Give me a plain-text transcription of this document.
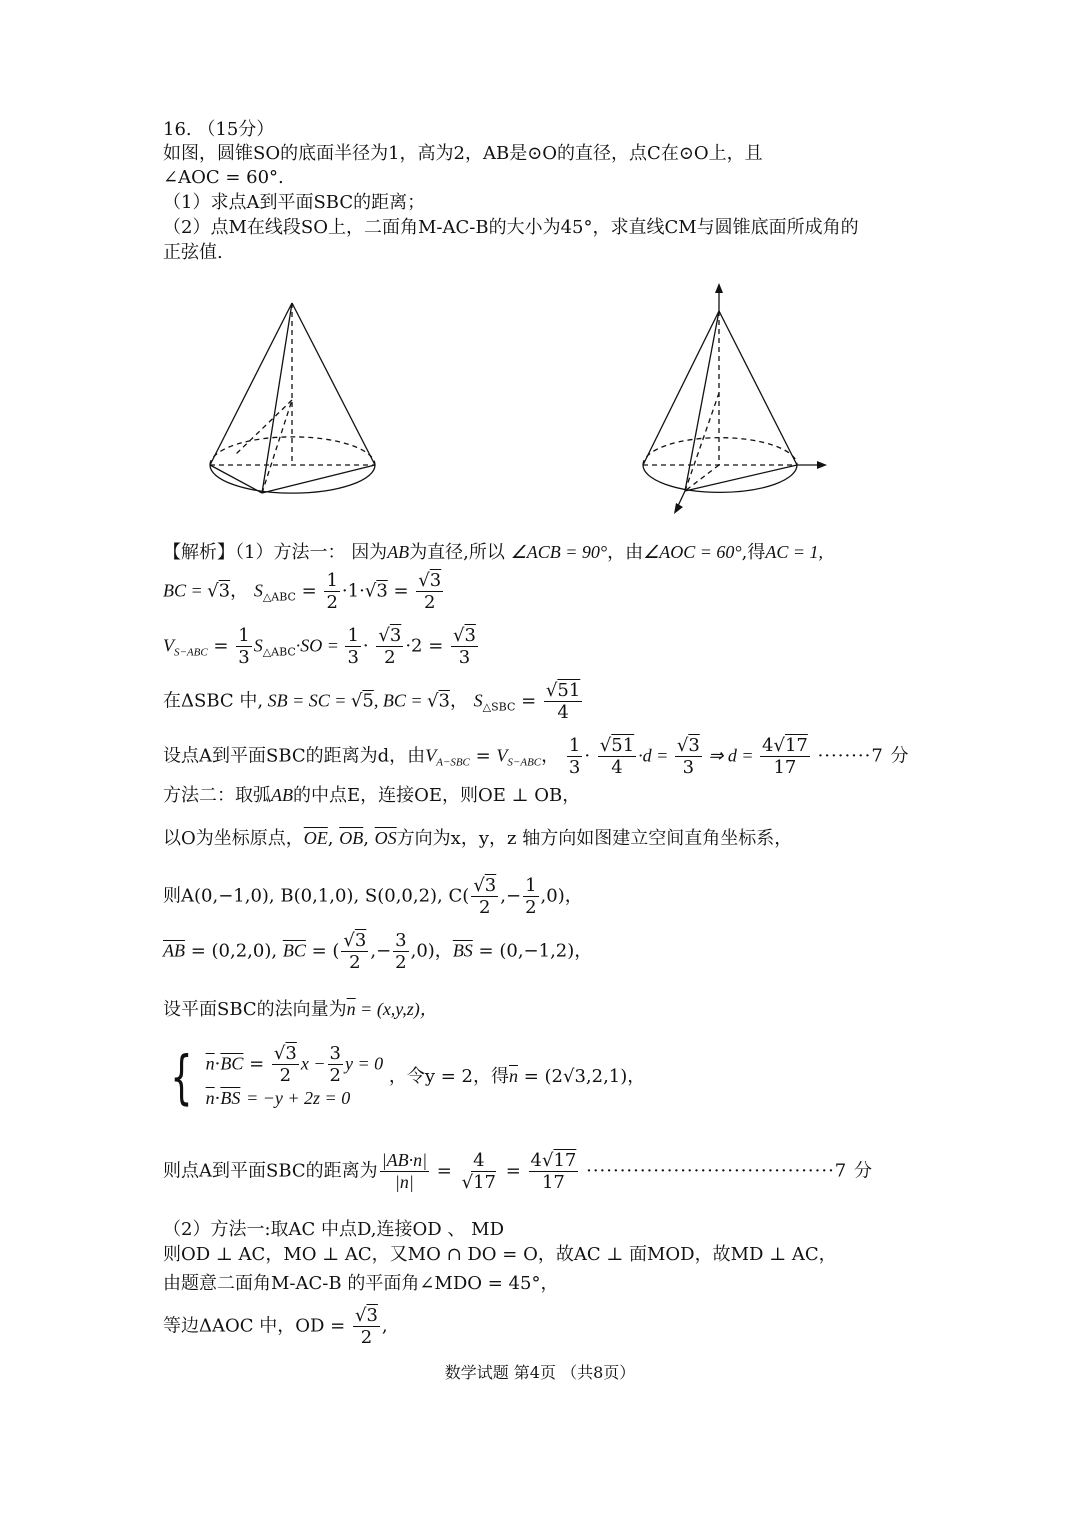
16. （15分）
如图，圆锥SO的底面半径为1，高为2，AB是⊙O的直径，点C在⊙O上，且
∠AOC = 60°.
（1）求点A到平面SBC的距离；
（2）点M在线段SO上，二面角M-AC-B的大小为45°，求直线CM与圆锥底面所成角的
正弦值.
【解析】（1）方法一： 因为AB为直径,所以 ∠ACB = 90°，由∠AOC = 60°,得AC = 1,
BC = √3， $S_{\triangle ABC} = \frac{1}{2} \cdot 1\cdot√3 = \frac{√3}{2}$
$V_{S-ABC} = \frac{1}{3} S_{\triangle ABC}\cdot SO = \frac{1}{3} \cdot \frac{√3}{2} \cdot 2 = \frac{√3}{3}$
在ΔSBC 中, SB = SC = √5, BC = √3， $S_{\triangle SBC} = \frac{√51}{4}$
设点A到平面SBC的距离为d，由$V_{A-SBC} = V_{S-ABC}$， $\frac{1}{3} \cdot \frac{√51}{4} \cdot d = \frac{√3}{3}$ ⇒ $d = \frac{4√17}{17} \cdot\cdot\cdot\cdot\cdot\cdot\cdot\cdot 7$ 分
方法二：取弧AB的中点E，连接OE，则OE ⊥ OB，
以O为坐标原点，$\overline{OE}$, $\overline{OB}$, $\overline{OS}$方向为x，y，z 轴方向如图建立空间直角坐标系，
则A(0,−1,0), B(0,1,0), S(0,0,2), $C( \frac{√3}{2}$ ,− $\frac{1}{2} ,0$)，
$\overline{AB} = (0,2,0)$, $\overline{BC}$ = ( $\frac{√3}{2}$ ,− $\frac{3}{2} ,0$)，$\overline{BS} = (0,-1,2)$，
设平面SBC的法向量为$\overline{n} = (x,y,z)$，
{ $\overline{n}\cdot\overline{BC} = \frac{√3}{2}$ $x - \frac{3}{2}$ y = 0
$\overline{n}\cdot\overline{BS} = -y + 2z = 0$
，令y = 2，得$\overline{n} = (2√3,2,1)$，
则点A到平面SBC的距离为 $\frac{|AB\cdot n|}{|n|} = \frac{4}{√17} = \frac{4√17}{17} \cdot\cdot\cdot\cdot\cdot\cdot\cdot\cdot\cdot\cdot\cdot\cdot\cdot\cdot\cdot\cdot\cdot\cdot\cdot\cdot\cdot\cdot\cdot\cdot\cdot\cdot\cdot\cdot\cdot\cdot\cdot\cdot\cdot\cdot\cdot\cdot\cdot 7$ 分
（2）方法一:取AC 中点D,连接OD 、 MD
则OD ⊥ AC，MO ⊥ AC，又MO ∩ DO = O，故AC ⊥ 面MOD，故MD ⊥ AC，
由题意二面角M-AC-B 的平面角∠MDO = 45°，
等边ΔAOC 中，OD = $\frac{√3}{2}$ ,
数学试题 第4页 （共8页）
